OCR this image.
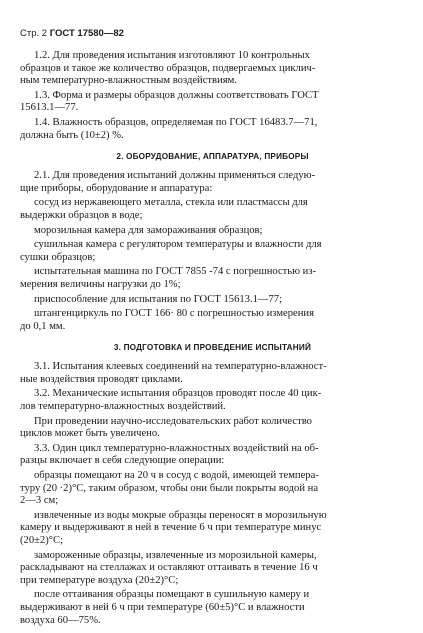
Стр. 2 ГОСТ 17580—82

1.2. Для проведения испытания изготовляют 10 контрольных
образцов и такое же количество образцов, подвергаемых циклич-
ным температурно-влажностным воздействиям.

1.3. Форма и размеры образцов должны соответствовать ГОСТ
15613.1—77.

1.4. Влажность образцов, определяемая по ГОСТ 16483.7—71,
должна быть (10±2) %.

2. ОБОРУДОВАНИЕ, АППАРАТУРА, ПРИБОРЫ

2.1. Для проведения испытаний должны применяться следую-
щие приборы, оборудование и аппаратура:

сосуд из нержавеющего металла, стекла или пластмассы для
выдержки образцов в воде;

морозильная камера для замораживания образцов;

сушильная камера с регулятором температуры и влажности для
сушки образцов;

испытательная машина по ГОСТ 7855 -74 с погрешностью из-
мерения величины нагрузки до 1%;

приспособление для испытания по ГОСТ 15613.1—77;

штангенциркуль по ГОСТ 166· 80 с погрешностью измерения
до 0,1 мм.

3. ПОДГОТОВКА И ПРОВЕДЕНИЕ ИСПЫТАНИЙ

3.1. Испытания клеевых соединений на температурно-влажност-
ные воздействия проводят циклами.

3.2. Механические испытания образцов проводят после 40 цик-
лов температурно-влажностных воздействий.

При проведении научно-исследовательских работ количество
циклов может быть увеличено.

3.3. Один цикл температурно-влажностных воздействий на об-
разцы включает в себя следующие операции:

образцы помещают на 20 ч в сосуд с водой, имеющей темпера-
туру (20 ·2)°С, таким образом, чтобы они были покрыты водой на
2—3 см;

извлеченные из воды мокрые образцы переносят в морозильную
камеру и выдерживают в ней в течение 6 ч при температуре минус
(20±2)°С;

замороженные образцы, извлеченные из морозильной камеры,
раскладывают на стеллажах и оставляют оттаивать в течение 16 ч
при температуре воздуха (20±2)°С;

после оттаивания образцы помещают в сушильную камеру и
выдерживают в ней 6 ч при температуре (60±5)°С и влажности
воздуха 60—75%.
